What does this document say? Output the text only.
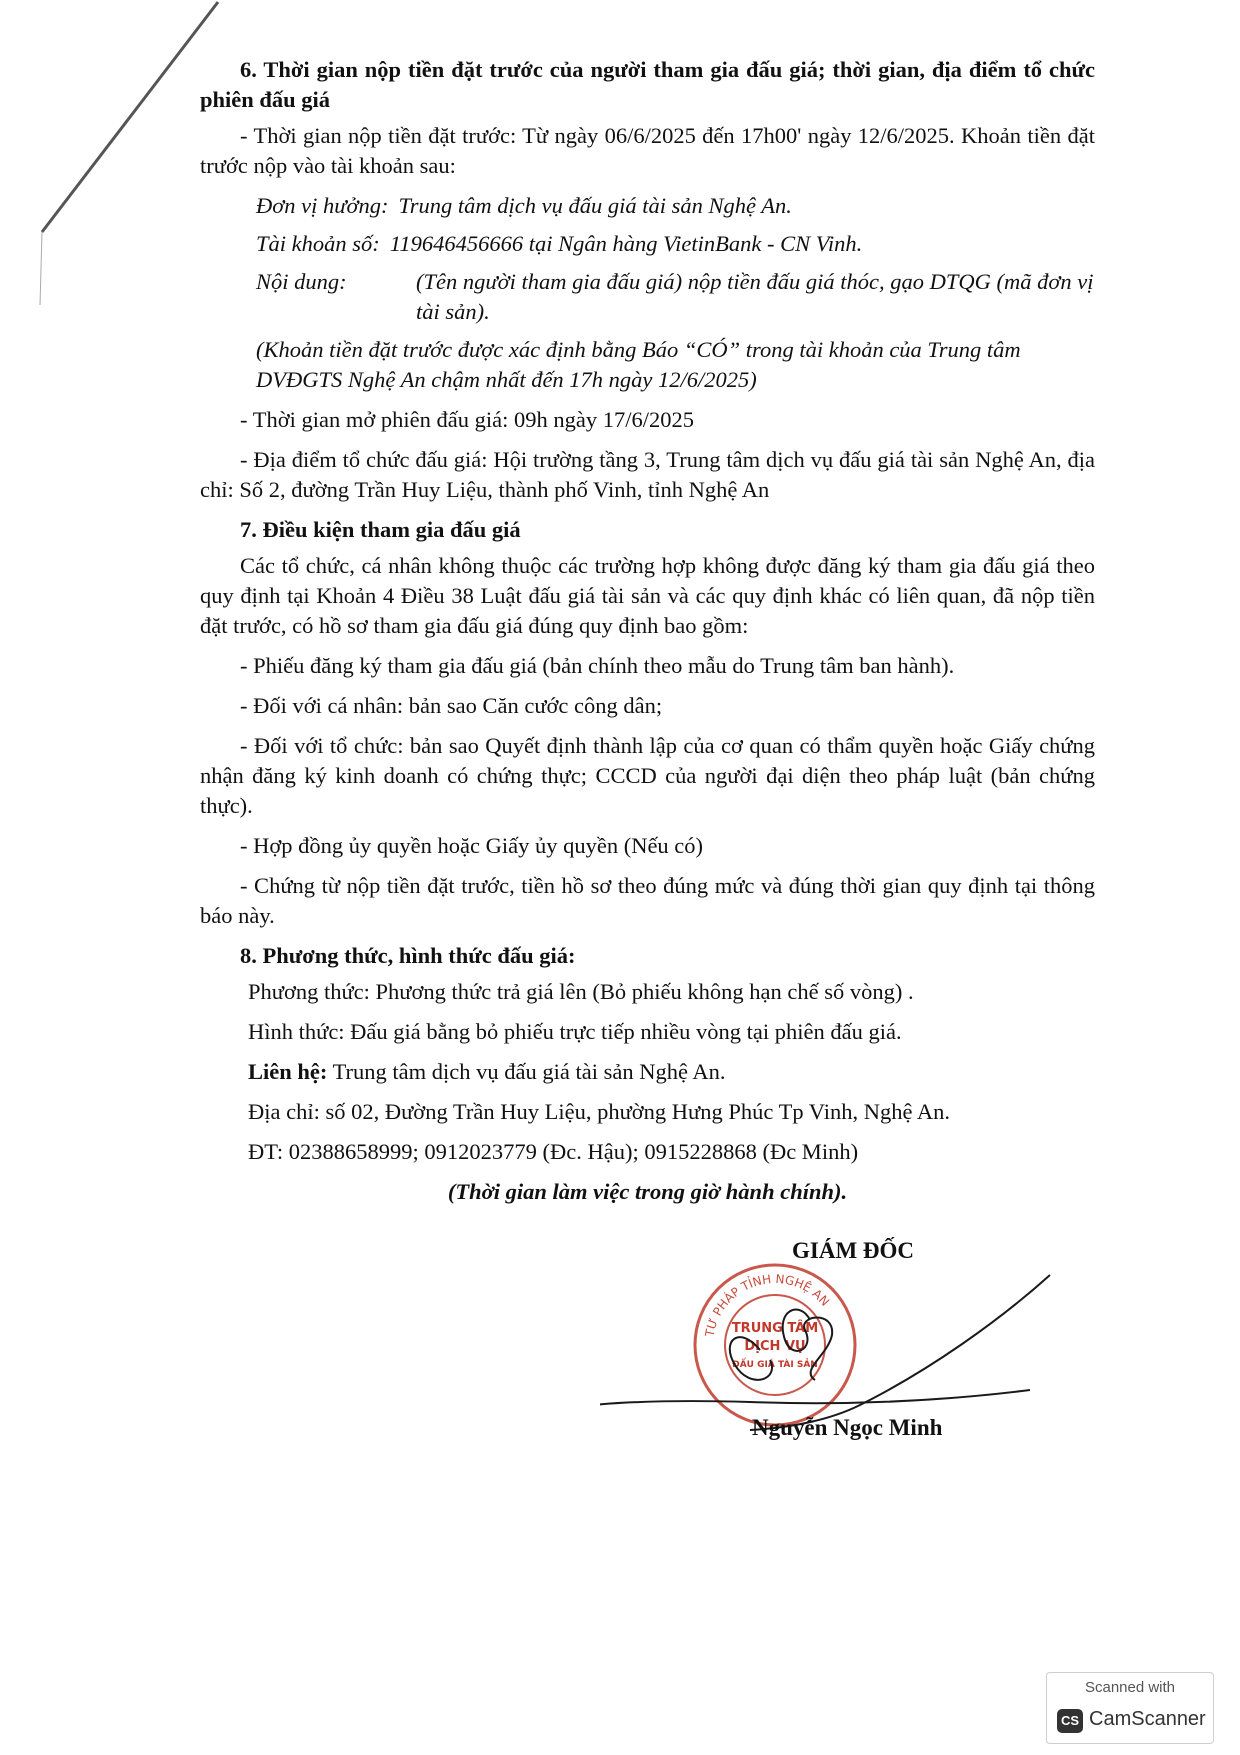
6. Thời gian nộp tiền đặt trước của người tham gia đấu giá; thời gian, địa điểm tổ chức phiên đấu giá
- Thời gian nộp tiền đặt trước: Từ ngày 06/6/2025 đến 17h00' ngày 12/6/2025. Khoản tiền đặt trước nộp vào tài khoản sau:
Đơn vị hưởng: Trung tâm dịch vụ đấu giá tài sản Nghệ An.
Tài khoản số: 119646456666 tại Ngân hàng VietinBank - CN Vinh.
Nội dung:	(Tên người tham gia đấu giá) nộp tiền đấu giá thóc, gạo DTQG (mã đơn vị tài sản).
(Khoản tiền đặt trước được xác định bằng Báo “CÓ” trong tài khoản của Trung tâm DVĐGTS Nghệ An chậm nhất đến 17h ngày 12/6/2025)
- Thời gian mở phiên đấu giá: 09h ngày 17/6/2025
- Địa điểm tổ chức đấu giá: Hội trường tầng 3, Trung tâm dịch vụ đấu giá tài sản Nghệ An, địa chỉ: Số 2, đường Trần Huy Liệu, thành phố Vinh, tỉnh Nghệ An
7. Điều kiện tham gia đấu giá
Các tổ chức, cá nhân không thuộc các trường hợp không được đăng ký tham gia đấu giá theo quy định tại Khoản 4 Điều 38 Luật đấu giá tài sản và các quy định khác có liên quan, đã nộp tiền đặt trước, có hồ sơ tham gia đấu giá đúng quy định bao gồm:
- Phiếu đăng ký tham gia đấu giá (bản chính theo mẫu do Trung tâm ban hành).
- Đối với cá nhân: bản sao Căn cước công dân;
- Đối với tổ chức: bản sao Quyết định thành lập của cơ quan có thẩm quyền hoặc Giấy chứng nhận đăng ký kinh doanh có chứng thực; CCCD của người đại diện theo pháp luật (bản chứng thực).
- Hợp đồng ủy quyền hoặc Giấy ủy quyền (Nếu có)
- Chứng từ nộp tiền đặt trước, tiền hồ sơ theo đúng mức và đúng thời gian quy định tại thông báo này.
8. Phương thức, hình thức đấu giá:
Phương thức: Phương thức trả giá lên (Bỏ phiếu không hạn chế số vòng) .
Hình thức: Đấu giá bằng bỏ phiếu trực tiếp nhiều vòng tại phiên đấu giá.
Liên hệ: Trung tâm dịch vụ đấu giá tài sản Nghệ An.
Địa chỉ: số 02, Đường Trần Huy Liệu, phường Hưng Phúc Tp Vinh, Nghệ An.
ĐT: 02388658999; 0912023779 (Đc. Hậu); 0915228868 (Đc Minh)
(Thời gian làm việc trong giờ hành chính).
GIÁM ĐỐC
TƯ PHÁP TỈNH NGHỆ AN
TRUNG TÂM
DỊCH VỤ
ĐẤU GIÁ TÀI SẢN
Nguyễn Ngọc Minh
Scanned with
CS CamScanner
